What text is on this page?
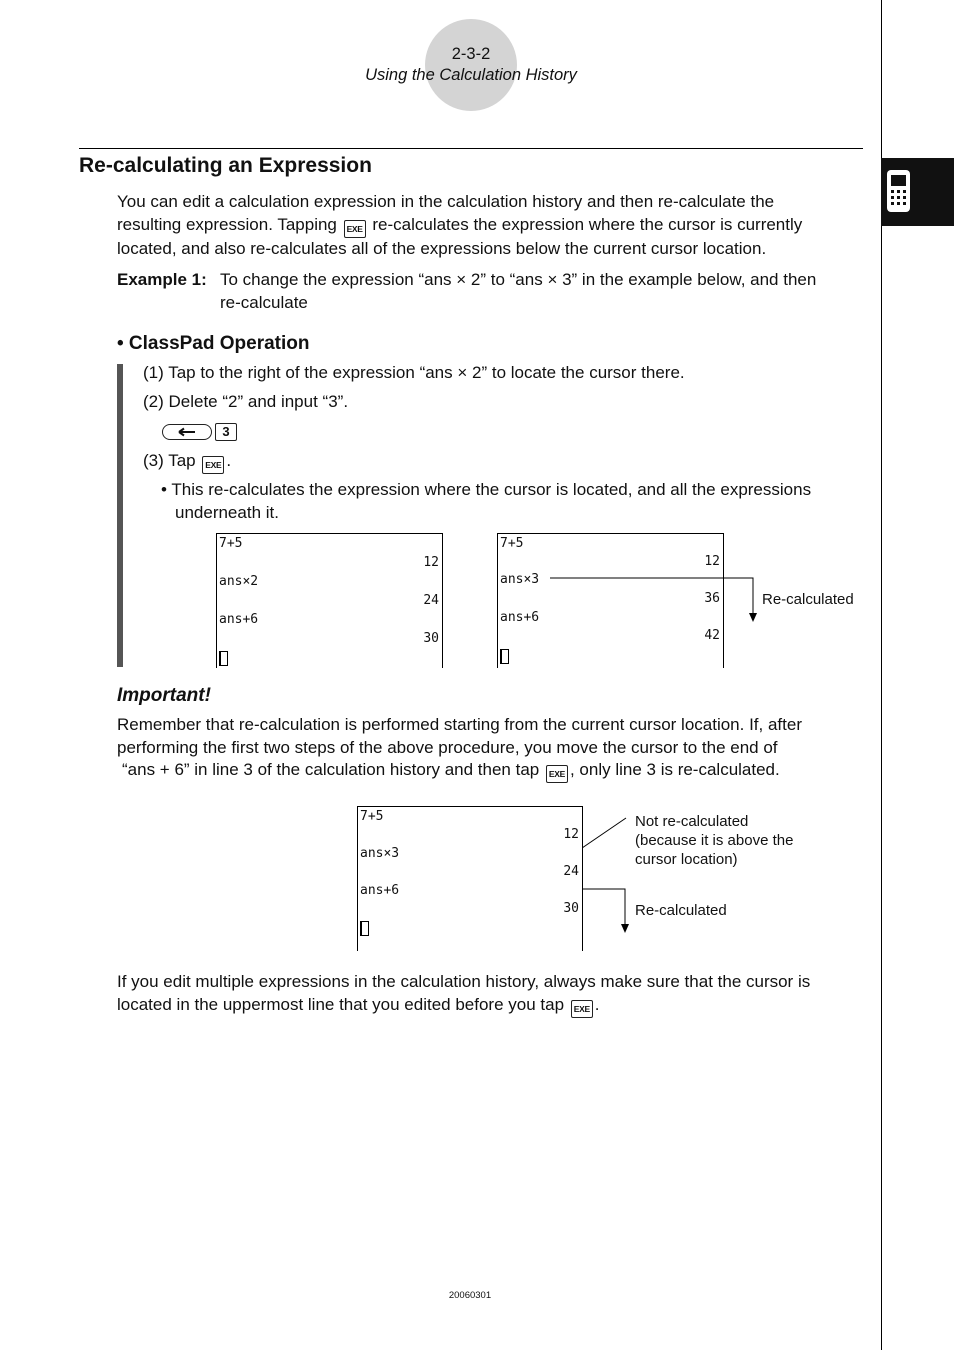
2-3-2
Using the Calculation History
Re-calculating an Expression
You can edit a calculation expression in the calculation history and then re-calculate the
resulting expression. Tapping EXE re-calculates the expression where the cursor is currently
located, and also re-calculates all of the expressions below the current cursor location.
Example 1: To change the expression “ans × 2” to “ans × 3” in the example below, and then
re-calculate
• ClassPad Operation
(1) Tap to the right of the expression “ans × 2” to locate the cursor there.
(2) Delete “2” and input “3”.
3
(3) Tap EXE .
• This re-calculates the expression where the cursor is located, and all the expressions
underneath it.
7+5
12
ans×2
24
ans+6
30
7+5
12
ans×3
36
ans+6
42
Re-calculated
Important!
Remember that re-calculation is performed starting from the current cursor location. If, after
performing the first two steps of the above procedure, you move the cursor to the end of
“ans + 6” in line 3 of the calculation history and then tap EXE , only line 3 is re-calculated.
7+5
12
ans×3
24
ans+6
30
Not re-calculated
(because it is above the
cursor location)
Re-calculated
If you edit multiple expressions in the calculation history, always make sure that the cursor is
located in the uppermost line that you edited before you tap EXE .
20060301
